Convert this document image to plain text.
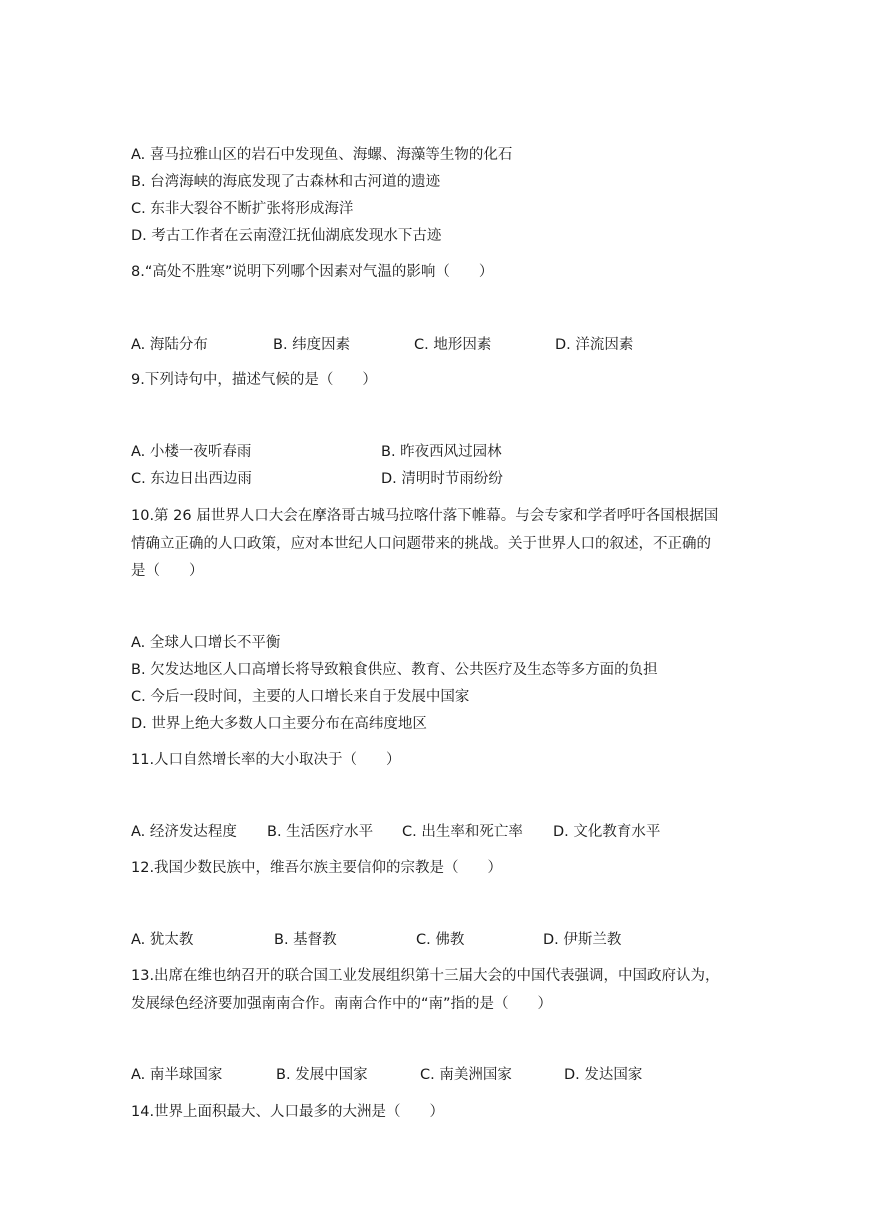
A. 喜马拉雅山区的岩石中发现鱼、海螺、海藻等生物的化石
B. 台湾海峡的海底发现了古森林和古河道的遗迹
C. 东非大裂谷不断扩张将形成海洋
D. 考古工作者在云南澄江抚仙湖底发现水下古迹
8.“高处不胜寒”说明下列哪个因素对气温的影响（　　）
A. 海陆分布	B. 纬度因素	C. 地形因素	D. 洋流因素
9.下列诗句中，描述气候的是（　　）
A. 小楼一夜听春雨	B. 昨夜西风过园林
C. 东边日出西边雨	D. 清明时节雨纷纷
10.第 26 届世界人口大会在摩洛哥古城马拉喀什落下帷幕。与会专家和学者呼吁各国根据国
情确立正确的人口政策，应对本世纪人口问题带来的挑战。关于世界人口的叙述，不正确的
是（　　）
A. 全球人口增长不平衡
B. 欠发达地区人口高增长将导致粮食供应、教育、公共医疗及生态等多方面的负担
C. 今后一段时间，主要的人口增长来自于发展中国家
D. 世界上绝大多数人口主要分布在高纬度地区
11.人口自然增长率的大小取决于（　　）
A. 经济发达程度 B. 生活医疗水平 C. 出生率和死亡率 D. 文化教育水平
12.我国少数民族中，维吾尔族主要信仰的宗教是（　　）
A. 犹太教	B. 基督教	C. 佛教	D. 伊斯兰教
13.出席在维也纳召开的联合国工业发展组织第十三届大会的中国代表强调，中国政府认为，
发展绿色经济要加强南南合作。南南合作中的“南”指的是（　　）
A. 南半球国家	B. 发展中国家	C. 南美洲国家	D. 发达国家
14.世界上面积最大、人口最多的大洲是（　　）
